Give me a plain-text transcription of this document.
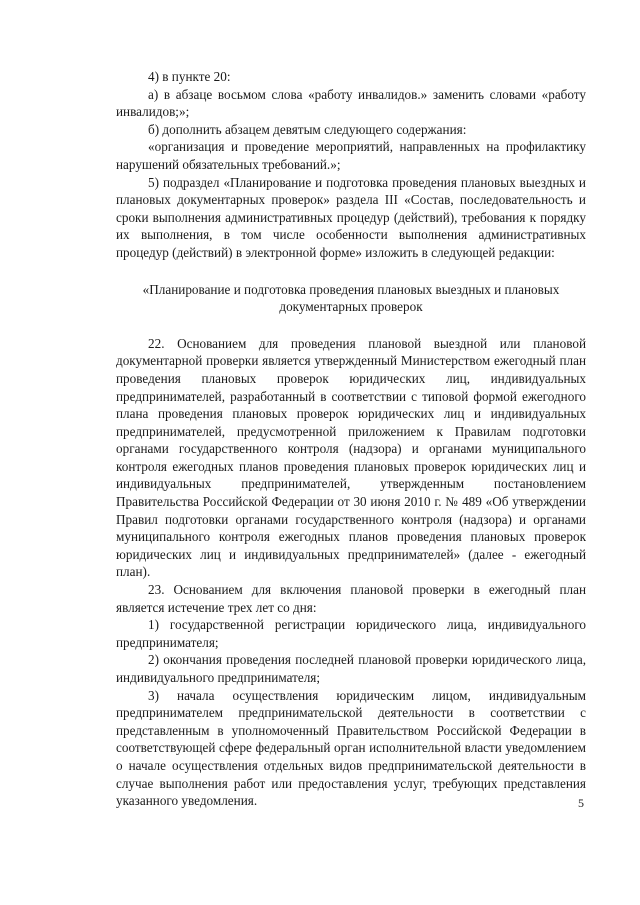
4) в пункте 20:

а) в абзаце восьмом слова «работу инвалидов.» заменить словами «работу инвалидов;»;

б) дополнить абзацем девятым следующего содержания:

«организация и проведение мероприятий, направленных на профилактику нарушений обязательных требований.»;

5) подраздел «Планирование и подготовка проведения плановых выездных и плановых документарных проверок» раздела III «Состав, последовательность и сроки выполнения административных процедур (действий), требования к порядку их выполнения, в том числе особенности выполнения административных процедур (действий) в электронной форме» изложить в следующей редакции:

«Планирование и подготовка проведения плановых выездных и плановых документарных проверок

22. Основанием для проведения плановой выездной или плановой документарной проверки является утвержденный Министерством ежегодный план проведения плановых проверок юридических лиц, индивидуальных предпринимателей, разработанный в соответствии с типовой формой ежегодного плана проведения плановых проверок юридических лиц и индивидуальных предпринимателей, предусмотренной приложением к Правилам подготовки органами государственного контроля (надзора) и органами муниципального контроля ежегодных планов проведения плановых проверок юридических лиц и индивидуальных предпринимателей, утвержденным постановлением Правительства Российской Федерации от 30 июня 2010 г. № 489 «Об утверждении Правил подготовки органами государственного контроля (надзора) и органами муниципального контроля ежегодных планов проведения плановых проверок юридических лиц и индивидуальных предпринимателей» (далее - ежегодный план).

23. Основанием для включения плановой проверки в ежегодный план является истечение трех лет со дня:

1) государственной регистрации юридического лица, индивидуального предпринимателя;

2) окончания проведения последней плановой проверки юридического лица, индивидуального предпринимателя;

3) начала осуществления юридическим лицом, индивидуальным предпринимателем предпринимательской деятельности в соответствии с представленным в уполномоченный Правительством Российской Федерации в соответствующей сфере федеральный орган исполнительной власти уведомлением о начале осуществления отдельных видов предпринимательской деятельности в случае выполнения работ или предоставления услуг, требующих представления указанного уведомления.	5
